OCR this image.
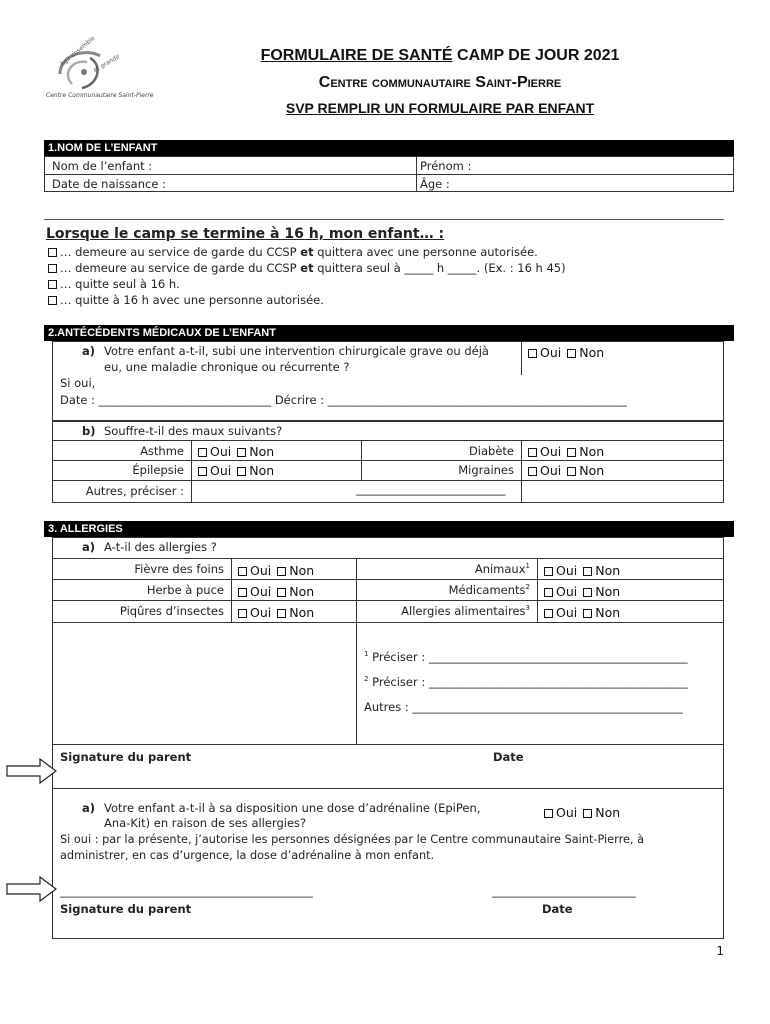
Agir ensemble
et grandir
Centre Communautaire Saint-Pierre
FORMULAIRE DE SANTÉ CAMP DE JOUR 2021
Centre communautaire Saint-Pierre
SVP REMPLIR UN FORMULAIRE PAR ENFANT
1.NOM DE L’ENFANT
Nom de l’enfant :	Prénom :
Date de naissance :	Âge :
Lorsque le camp se termine à 16 h, mon enfant… :
… demeure au service de garde du CCSP et quittera avec une personne autorisée.
… demeure au service de garde du CCSP et quittera seul à _____ h _____. (Ex. : 16 h 45)
… quitte seul à 16 h.
… quitte à 16 h avec une personne autorisée.
2.ANTÉCÉDENTS MÉDICAUX DE L’ENFANT
a) Votre enfant a-t-il, subi une intervention chirurgicale grave ou déjà
eu, une maladie chronique ou récurrente ?
Oui Non
Si oui,
Date : ______________________________ Décrire : ____________________________________________________
b) Souffre-t-il des maux suivants?
Asthme	Oui Non	Diabète	Oui Non
Épilepsie	Oui Non	Migraines	Oui Non
Autres, préciser :	__________________________
3. ALLERGIES
a) A-t-il des allergies ?
Fièvre des foins	Oui Non	Animaux$^1$	Oui Non
Herbe à puce	Oui Non	Médicaments$^2$	Oui Non
Piqûres d’insectes	Oui Non	Allergies alimentaires$^3$	Oui Non
$^1$ Préciser : _____________________________________________
$^2$ Préciser : _____________________________________________
Autres : _______________________________________________
Signature du parent	Date
a) Votre enfant a-t-il à sa disposition une dose d’adrénaline (EpiPen,
Ana-Kit) en raison de ses allergies?
Oui Non
Si oui : par la présente, j’autorise les personnes désignées par le Centre communautaire Saint-Pierre, à
administrer, en cas d’urgence, la dose d’adrénaline à mon enfant.
____________________________________________	_________________________
Signature du parent	Date
1
